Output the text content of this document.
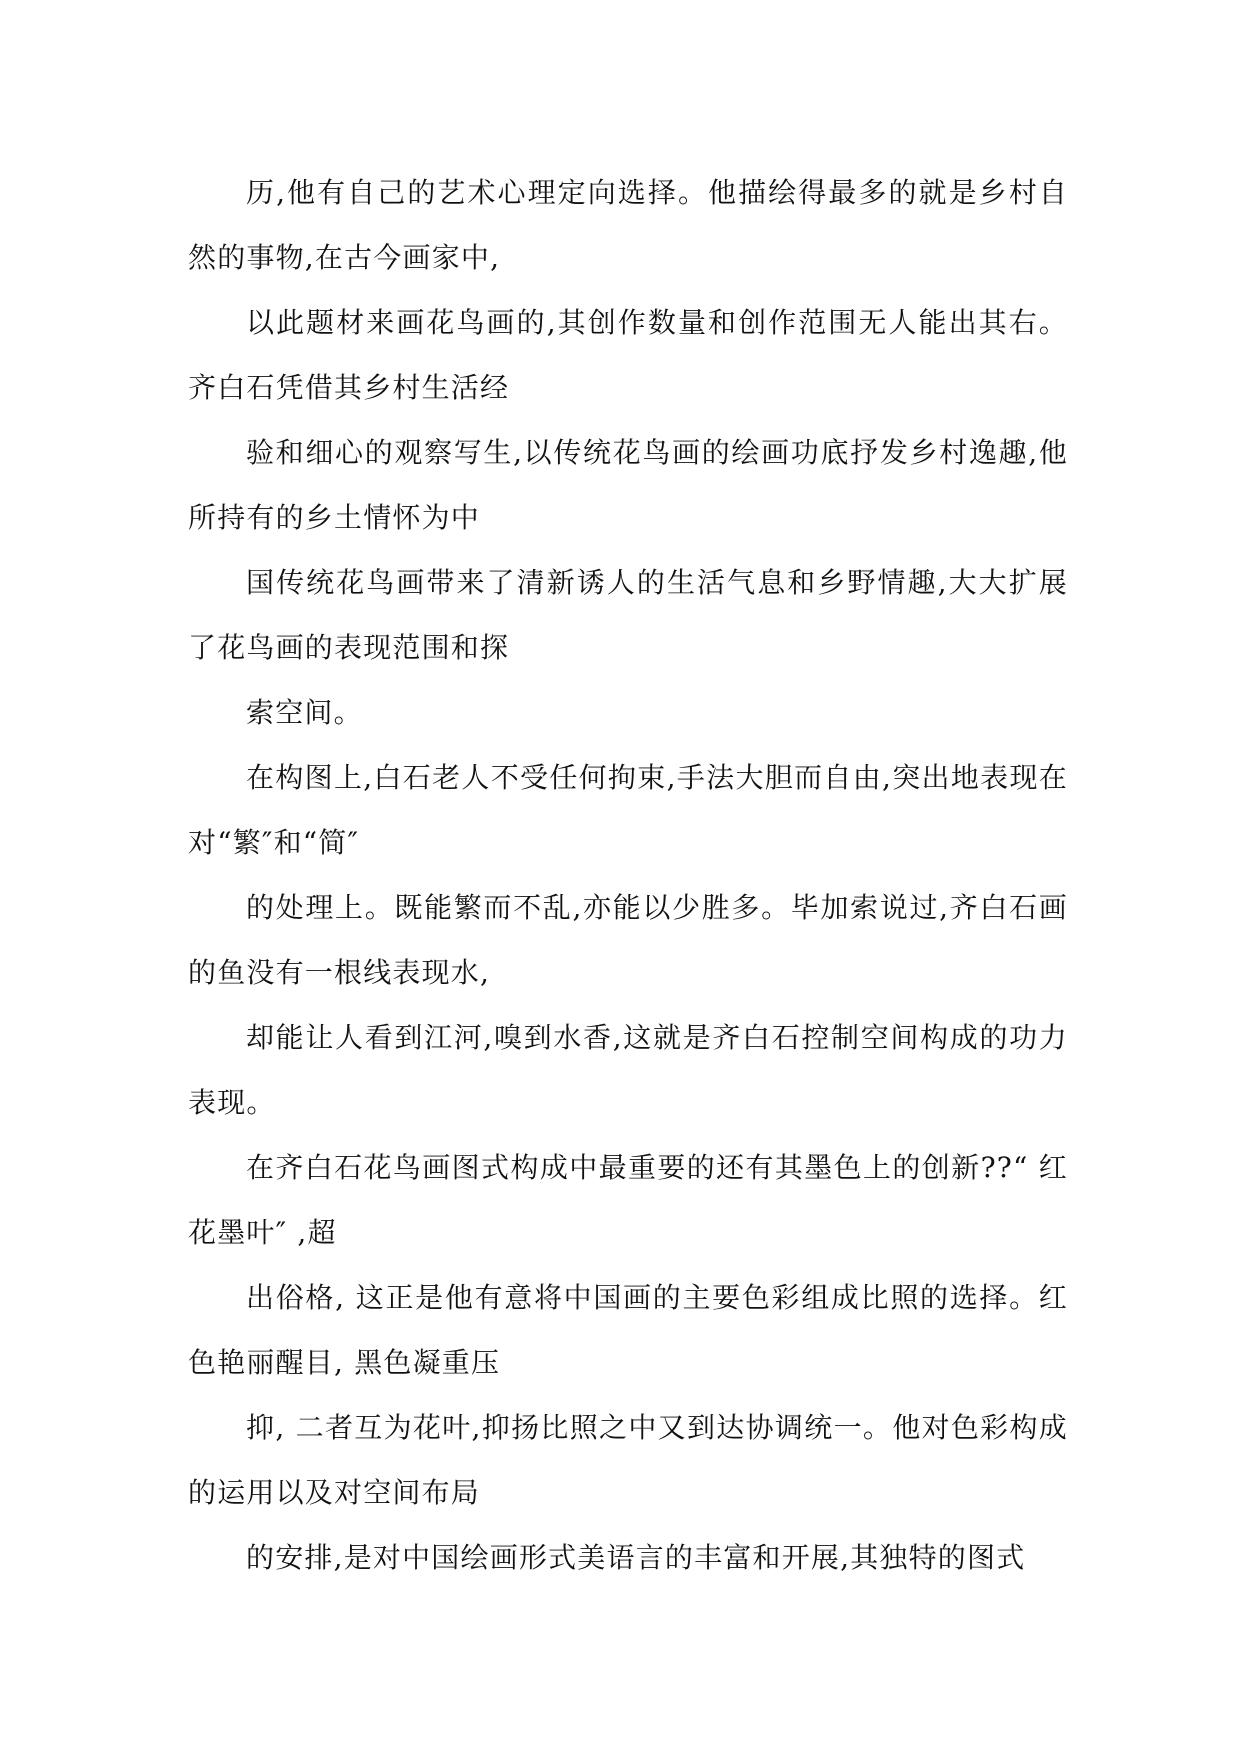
历,他有自己的艺术心理定向选择。他描绘得最多的就是乡村自然的事物,在古今画家中,

以此题材来画花鸟画的,其创作数量和创作范围无人能出其右。齐白石凭借其乡村生活经

验和细心的观察写生,以传统花鸟画的绘画功底抒发乡村逸趣,他所持有的乡土情怀为中

国传统花鸟画带来了清新诱人的生活气息和乡野情趣,大大扩展了花鸟画的表现范围和探

索空间。

在构图上,白石老人不受任何拘束,手法大胆而自由,突出地表现在对“繁″和“简″

的处理上。既能繁而不乱,亦能以少胜多。毕加索说过,齐白石画的鱼没有一根线表现水,

却能让人看到江河,嗅到水香,这就是齐白石控制空间构成的功力表现。

在齐白石花鸟画图式构成中最重要的还有其墨色上的创新??“ 红花墨叶″ ,超

出俗格, 这正是他有意将中国画的主要色彩组成比照的选择。红色艳丽醒目, 黑色凝重压

抑, 二者互为花叶,抑扬比照之中又到达协调统一。他对色彩构成的运用以及对空间布局

的安排,是对中国绘画形式美语言的丰富和开展,其独特的图式
